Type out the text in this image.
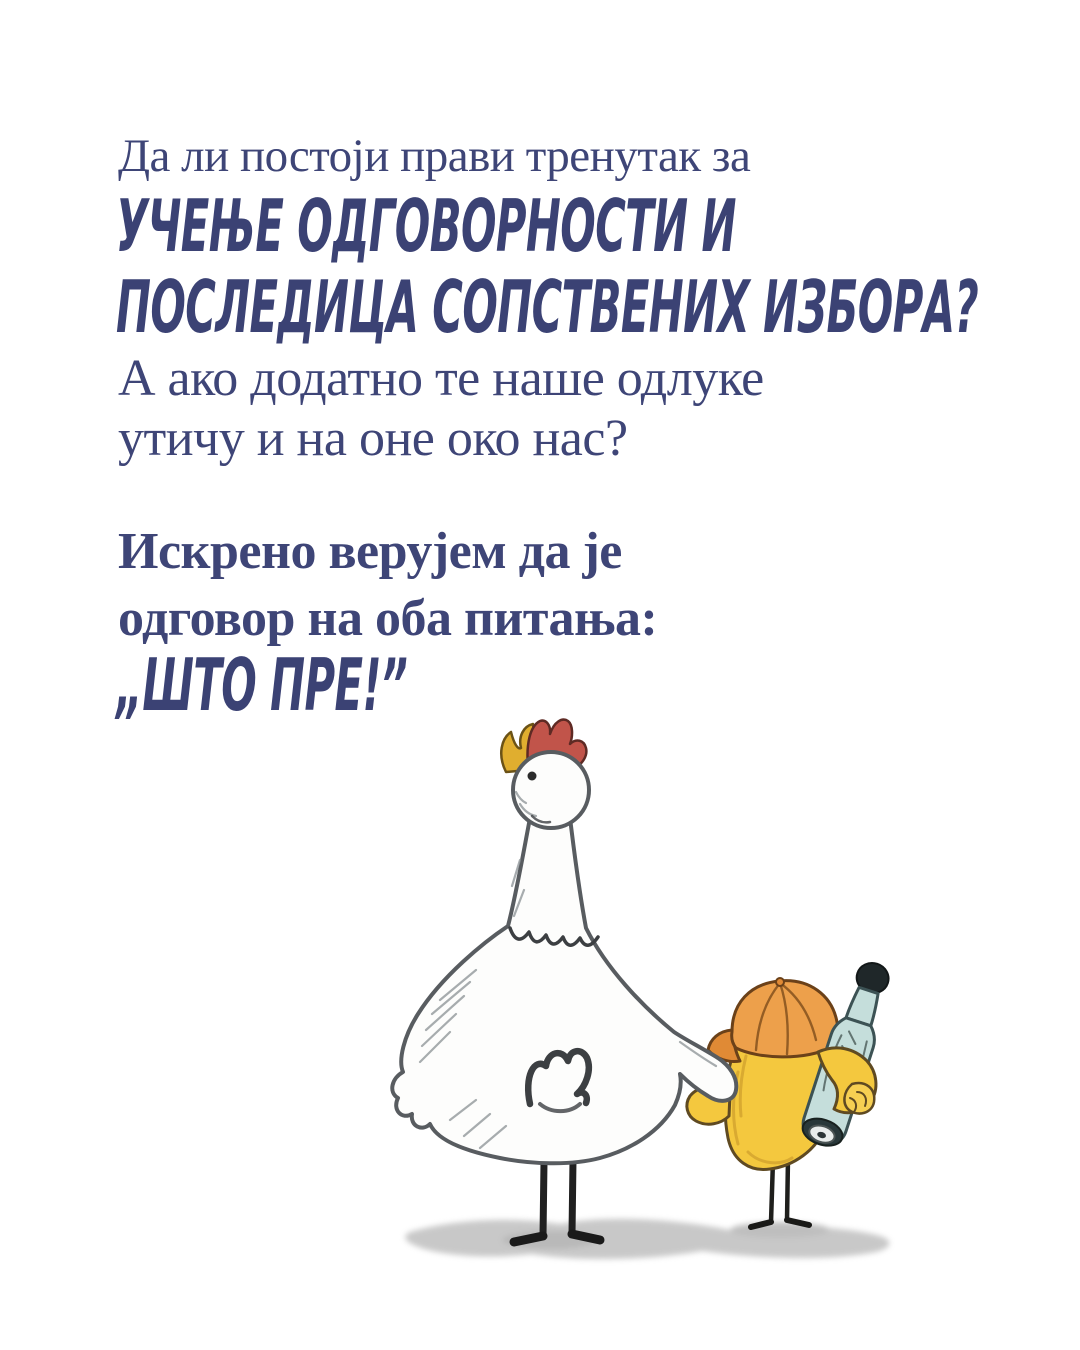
Да ли постоји прави тренутак за
УЧЕЊЕ ОДГОВОРНОСТИ И
ПОСЛЕДИЦА СОПСТВЕНИХ ИЗБОРА?
А ако додатно те наше одлуке
утичу и на оне око нас?
Искрено верујем да је
одговор на оба питања:
„ШТО ПРЕ!”
